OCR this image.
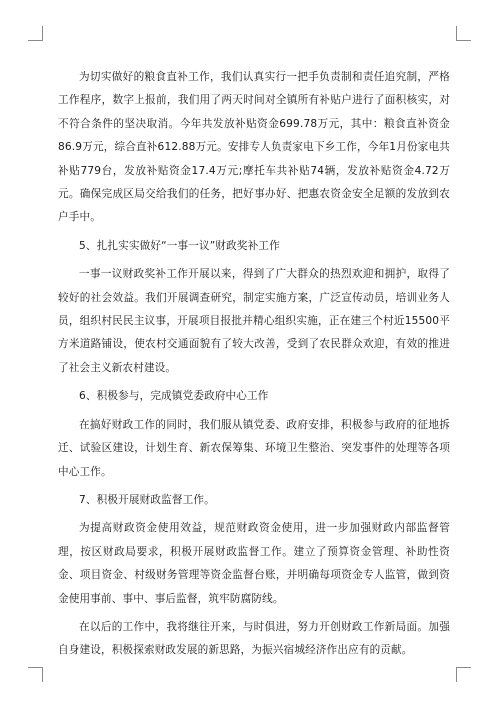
为切实做好的粮食直补工作，我们认真实行一把手负责制和责任追究制，严格工作程序，数字上报前，我们用了两天时间对全镇所有补贴户进行了面积核实，对不符合条件的坚决取消。今年共发放补贴资金699.78万元，其中：粮食直补资金86.9万元，综合直补612.88万元。安排专人负责家电下乡工作，今年1月份家电共补贴779台，发放补贴资金17.4万元;摩托车共补贴74辆，发放补贴资金4.72万元。确保完成区局交给我们的任务，把好事办好、把惠农资金安全足额的发放到农户手中。

5、扎扎实实做好“一事一议”财政奖补工作

一事一议财政奖补工作开展以来，得到了广大群众的热烈欢迎和拥护，取得了较好的社会效益。我们开展调查研究，制定实施方案，广泛宣传动员，培训业务人员，组织村民民主议事，开展项目报批并精心组织实施，正在建三个村近15500平方米道路铺设，使农村交通面貌有了较大改善，受到了农民群众欢迎，有效的推进了社会主义新农村建设。

6、积极参与，完成镇党委政府中心工作

在搞好财政工作的同时，我们服从镇党委、政府安排，积极参与政府的征地拆迁、试验区建设，计划生育、新农保筹集、环境卫生整治、突发事件的处理等各项中心工作。

7、积极开展财政监督工作。

为提高财政资金使用效益，规范财政资金使用，进一步加强财政内部监督管理，按区财政局要求，积极开展财政监督工作。建立了预算资金管理、补助性资金、项目资金、村级财务管理等资金监督台账，并明确每项资金专人监管，做到资金使用事前、事中、事后监督，筑牢防腐防线。

在以后的工作中，我将继往开来，与时俱进，努力开创财政工作新局面。加强自身建设，积极探索财政发展的新思路，为振兴宿城经济作出应有的贡献。
